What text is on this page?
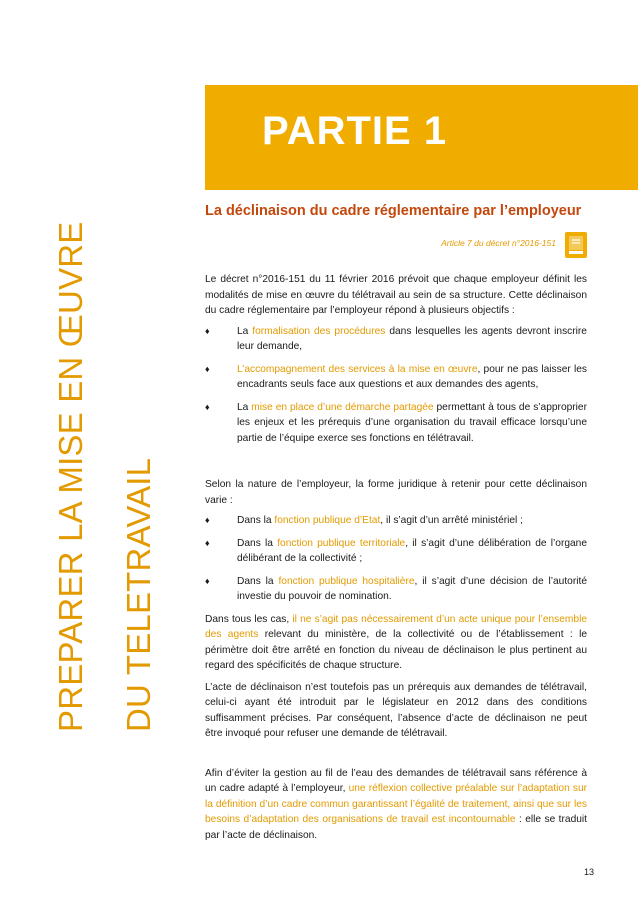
PARTIE 1
PREPARER LA MISE EN ŒUVRE DU TELETRAVAIL
La déclinaison du cadre réglementaire par l’employeur
Article 7 du décret n°2016-151

Le décret n°2016-151 du 11 février 2016 prévoit que chaque employeur définit les modalités de mise en œuvre du télétravail au sein de sa structure. Cette déclinaison du cadre réglementaire par l’employeur répond à plusieurs objectifs :

♦	La formalisation des procédures dans lesquelles les agents devront inscrire leur demande,
♦	L’accompagnement des services à la mise en œuvre, pour ne pas laisser les encadrants seuls face aux questions et aux demandes des agents,
♦	La mise en place d’une démarche partagée permettant à tous de s’approprier les enjeux et les prérequis d’une organisation du travail efficace lorsqu’une partie de l’équipe exerce ses fonctions en télétravail.

Selon la nature de l’employeur, la forme juridique à retenir pour cette déclinaison varie :

♦	Dans la fonction publique d’Etat, il s’agit d’un arrêté ministériel ;
♦	Dans la fonction publique territoriale, il s’agit d’une délibération de l’organe délibérant de la collectivité ;
♦	Dans la fonction publique hospitalière, il s’agit d’une décision de l’autorité investie du pouvoir de nomination.

Dans tous les cas, il ne s’agit pas nécessairement d’un acte unique pour l’ensemble des agents relevant du ministère, de la collectivité ou de l’établissement : le périmètre doit être arrêté en fonction du niveau de déclinaison le plus pertinent au regard des spécificités de chaque structure.

L’acte de déclinaison n’est toutefois pas un prérequis aux demandes de télétravail, celui-ci ayant été introduit par le législateur en 2012 dans des conditions suffisamment précises. Par conséquent, l’absence d’acte de déclinaison ne peut être invoqué pour refuser une demande de télétravail.

Afin d’éviter la gestion au fil de l’eau des demandes de télétravail sans référence à un cadre adapté à l’employeur, une réflexion collective préalable sur l’adaptation sur la définition d’un cadre commun garantissant l’égalité de traitement, ainsi que sur les besoins d’adaptation des organisations de travail est incontournable : elle se traduit par l’acte de déclinaison.

13
